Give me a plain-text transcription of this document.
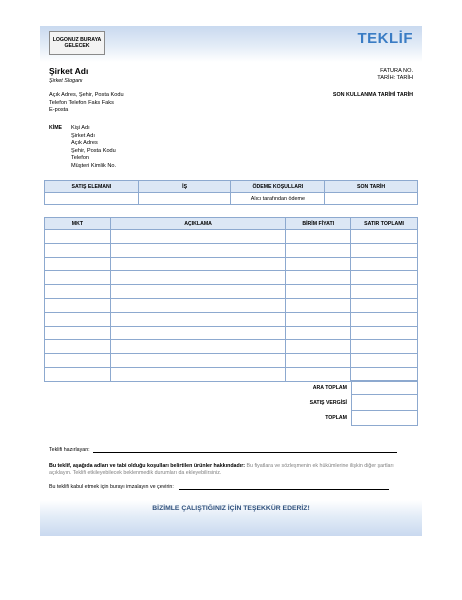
LOGONUZ BURAYA
GELECEK	TEKLİF
Şirket Adı
Şirket Sloganı
FATURA NO.
TARİH: TARİH
Açık Adres, Şehir, Posta Kodu
Telefon Telefon Faks Faks
E-posta
SON KULLANMA TARİHİ TARİH
KİME Kişi Adı
Şirket Adı
Açık Adres
Şehir, Posta Kodu
Telefon
Müşteri Kimlik No.
SATIŞ ELEMANI	İŞ	ÖDEME KOŞULLARI	SON TARİH
		Alıcı tarafından ödeme	
MKT	AÇIKLAMA	BİRİM FİYATI	SATIR TOPLAMI

ARA TOPLAM
SATIŞ VERGİSİ
TOPLAM
Teklifi hazırlayan:
Bu teklif, aşağıda adları ve tabi olduğu koşulları belirtilen ürünler hakkındadır: Bu fiyatlara ve sözleşmenin ek hükümlerine ilişkin diğer şartları açıklayın. Teklifi etkileyebilecek beklenmedik durumları da ekleyebilirsiniz.
Bu teklifi kabul etmek için burayı imzalayın ve çevirin:
BİZİMLE ÇALIŞTIĞINIZ İÇİN TEŞEKKÜR EDERİZ!
